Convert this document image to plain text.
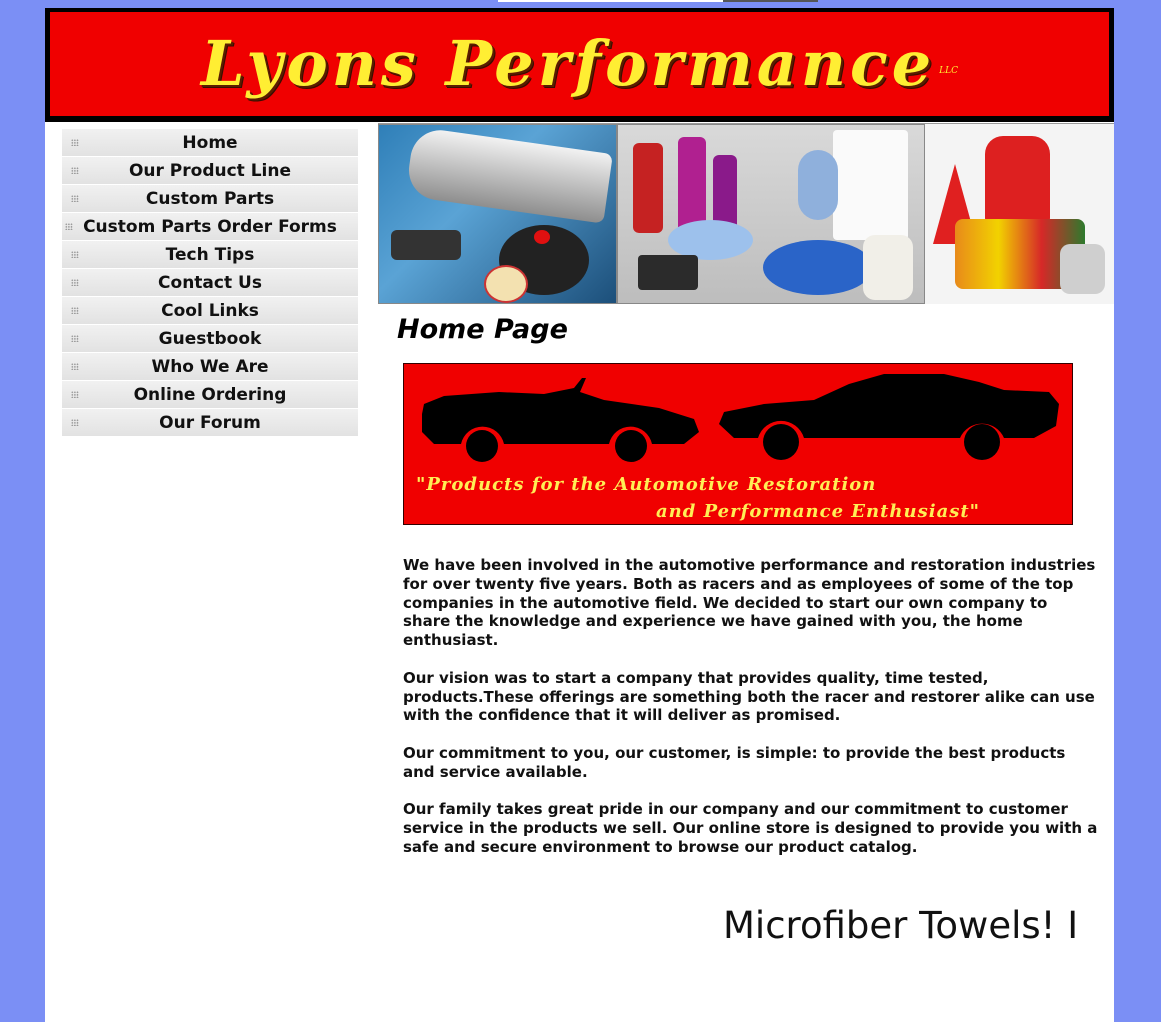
Lyons Performance LLC
Home
Our Product Line
Custom Parts
Custom Parts Order Forms
Tech Tips
Contact Us
Cool Links
Guestbook
Who We Are
Online Ordering
Our Forum
Home Page
"Products for the Automotive Restoration
and Performance Enthusiast"

We have been involved in the automotive performance and restoration industries for over twenty five years. Both as racers and as employees of some of the top companies in the automotive field. We decided to start our own company to share the knowledge and experience we have gained with you, the home enthusiast.

Our vision was to start a company that provides quality, time tested, products.These offerings are something both the racer and restorer alike can use with the confidence that it will deliver as promised.

Our commitment to you, our customer, is simple: to provide the best products and service available.

Our family takes great pride in our company and our commitment to customer service in the products we sell. Our online store is designed to provide you with a safe and secure environment to browse our product catalog.

Microfiber Towels! I
